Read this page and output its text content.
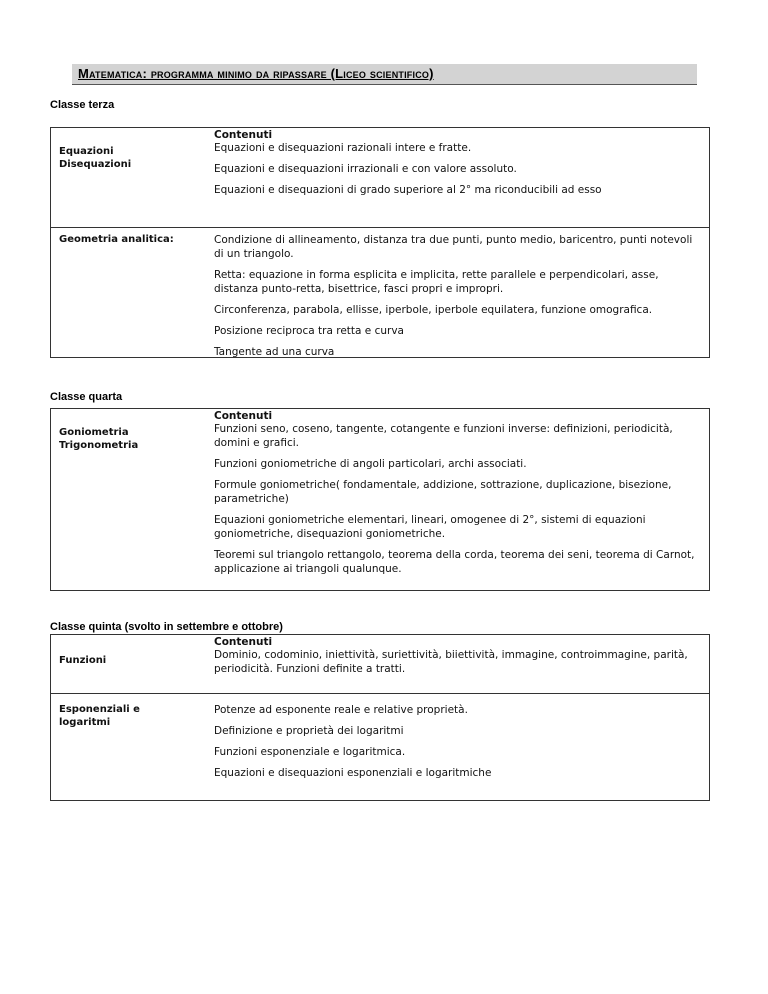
Matematica: programma minimo da ripassare (Liceo scientifico)
Classe terza
Equazioni
Disequazioni
Contenuti

Equazioni e disequazioni razionali intere e fratte.

Equazioni e disequazioni irrazionali e con valore assoluto.

Equazioni e disequazioni di grado superiore al 2° ma riconducibili ad esso

Geometria analitica:	Condizione di allineamento, distanza tra due punti, punto medio, baricentro, punti notevoli di un triangolo.

Retta: equazione in forma esplicita e implicita, rette parallele e perpendicolari, asse, distanza punto-retta, bisettrice, fasci propri e impropri.

Circonferenza, parabola, ellisse, iperbole, iperbole equilatera, funzione omografica.

Posizione reciproca tra retta e curva

Tangente ad una curva

Classe quarta
Goniometria
Trigonometria
Contenuti

Funzioni seno, coseno, tangente, cotangente e funzioni inverse: definizioni, periodicità, domini e grafici.

Funzioni goniometriche di angoli particolari, archi associati.

Formule goniometriche( fondamentale, addizione, sottrazione, duplicazione, bisezione, parametriche)

Equazioni goniometriche elementari, lineari, omogenee di 2°, sistemi di equazioni goniometriche, disequazioni goniometriche.

Teoremi sul triangolo rettangolo, teorema della corda, teorema dei seni, teorema di Carnot, applicazione ai triangoli qualunque.

Classe quinta (svolto in settembre e ottobre)
Funzioni
Contenuti

Dominio, codominio, iniettività, suriettività, biiettività, immagine, controimmagine, parità, periodicità. Funzioni definite a tratti.

Esponenziali e
logaritmi

Potenze ad esponente reale e relative proprietà.

Definizione e proprietà dei logaritmi

Funzioni esponenziale e logaritmica.

Equazioni e disequazioni esponenziali e logaritmiche
